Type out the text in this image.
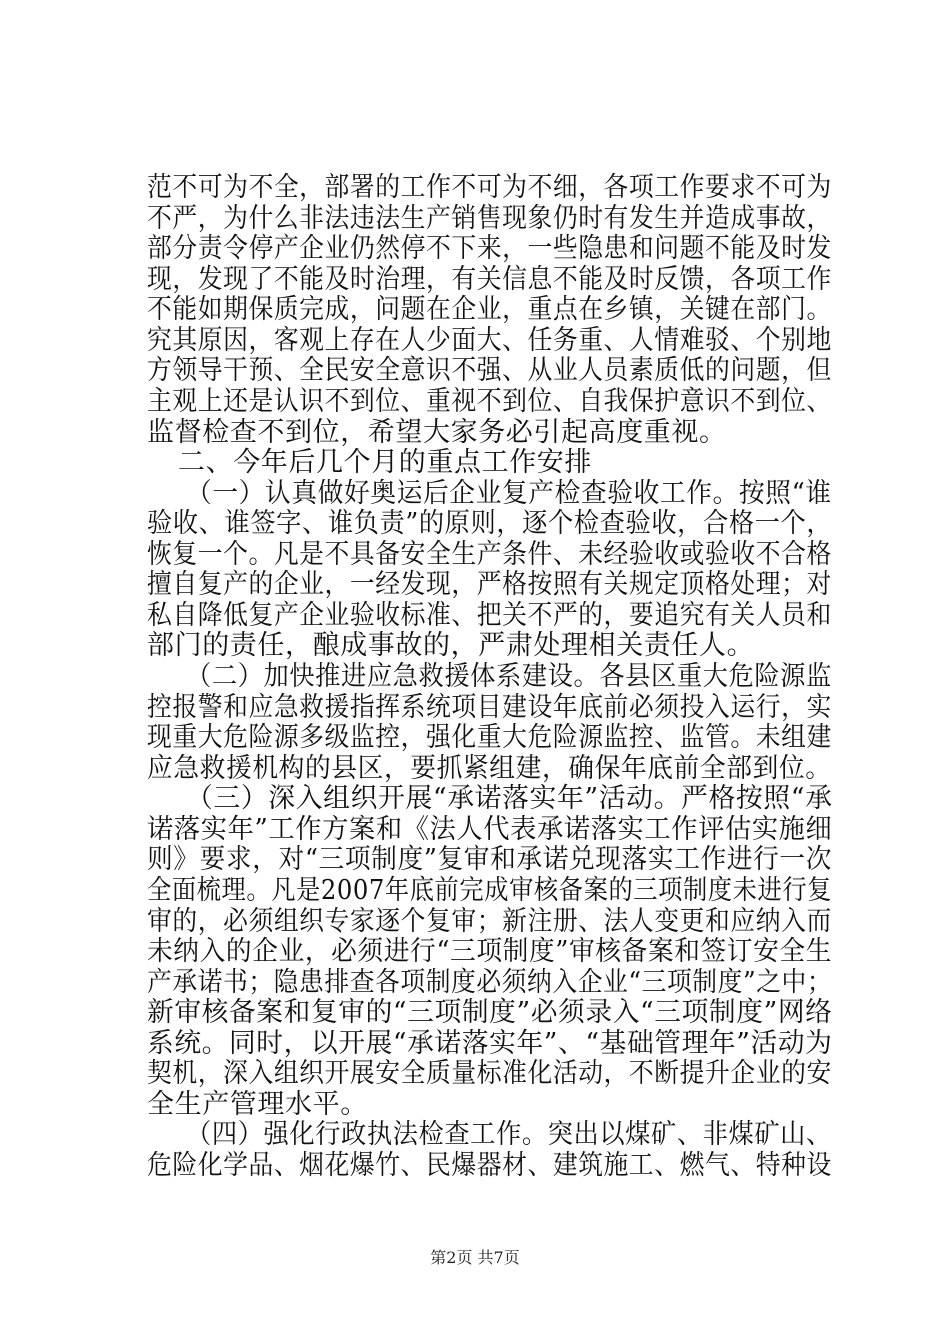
范不可为不全，部署的工作不可为不细，各项工作要求不可为
不严，为什么非法违法生产销售现象仍时有发生并造成事故，
部分责令停产企业仍然停不下来，一些隐患和问题不能及时发
现，发现了不能及时治理，有关信息不能及时反馈，各项工作
不能如期保质完成，问题在企业，重点在乡镇，关键在部门。
究其原因，客观上存在人少面大、任务重、人情难驳、个别地
方领导干预、全民安全意识不强、从业人员素质低的问题，但
主观上还是认识不到位、重视不到位、自我保护意识不到位、
监督检查不到位，希望大家务必引起高度重视。
二、今年后几个月的重点工作安排
（一）认真做好奥运后企业复产检查验收工作。按照“谁
验收、谁签字、谁负责”的原则，逐个检查验收，合格一个，
恢复一个。凡是不具备安全生产条件、未经验收或验收不合格
擅自复产的企业，一经发现，严格按照有关规定顶格处理；对
私自降低复产企业验收标准、把关不严的，要追究有关人员和
部门的责任，酿成事故的，严肃处理相关责任人。
（二）加快推进应急救援体系建设。各县区重大危险源监
控报警和应急救援指挥系统项目建设年底前必须投入运行，实
现重大危险源多级监控，强化重大危险源监控、监管。未组建
应急救援机构的县区，要抓紧组建，确保年底前全部到位。
（三）深入组织开展“承诺落实年”活动。严格按照“承
诺落实年”工作方案和《法人代表承诺落实工作评估实施细
则》要求，对“三项制度”复审和承诺兑现落实工作进行一次
全面梳理。凡是2007年底前完成审核备案的三项制度未进行复
审的，必须组织专家逐个复审；新注册、法人变更和应纳入而
未纳入的企业，必须进行“三项制度”审核备案和签订安全生
产承诺书；隐患排查各项制度必须纳入企业“三项制度”之中；
新审核备案和复审的“三项制度”必须录入“三项制度”网络
系统。同时，以开展“承诺落实年”、“基础管理年”活动为
契机，深入组织开展安全质量标准化活动，不断提升企业的安
全生产管理水平。
（四）强化行政执法检查工作。突出以煤矿、非煤矿山、
危险化学品、烟花爆竹、民爆器材、建筑施工、燃气、特种设
第2页 共7页
